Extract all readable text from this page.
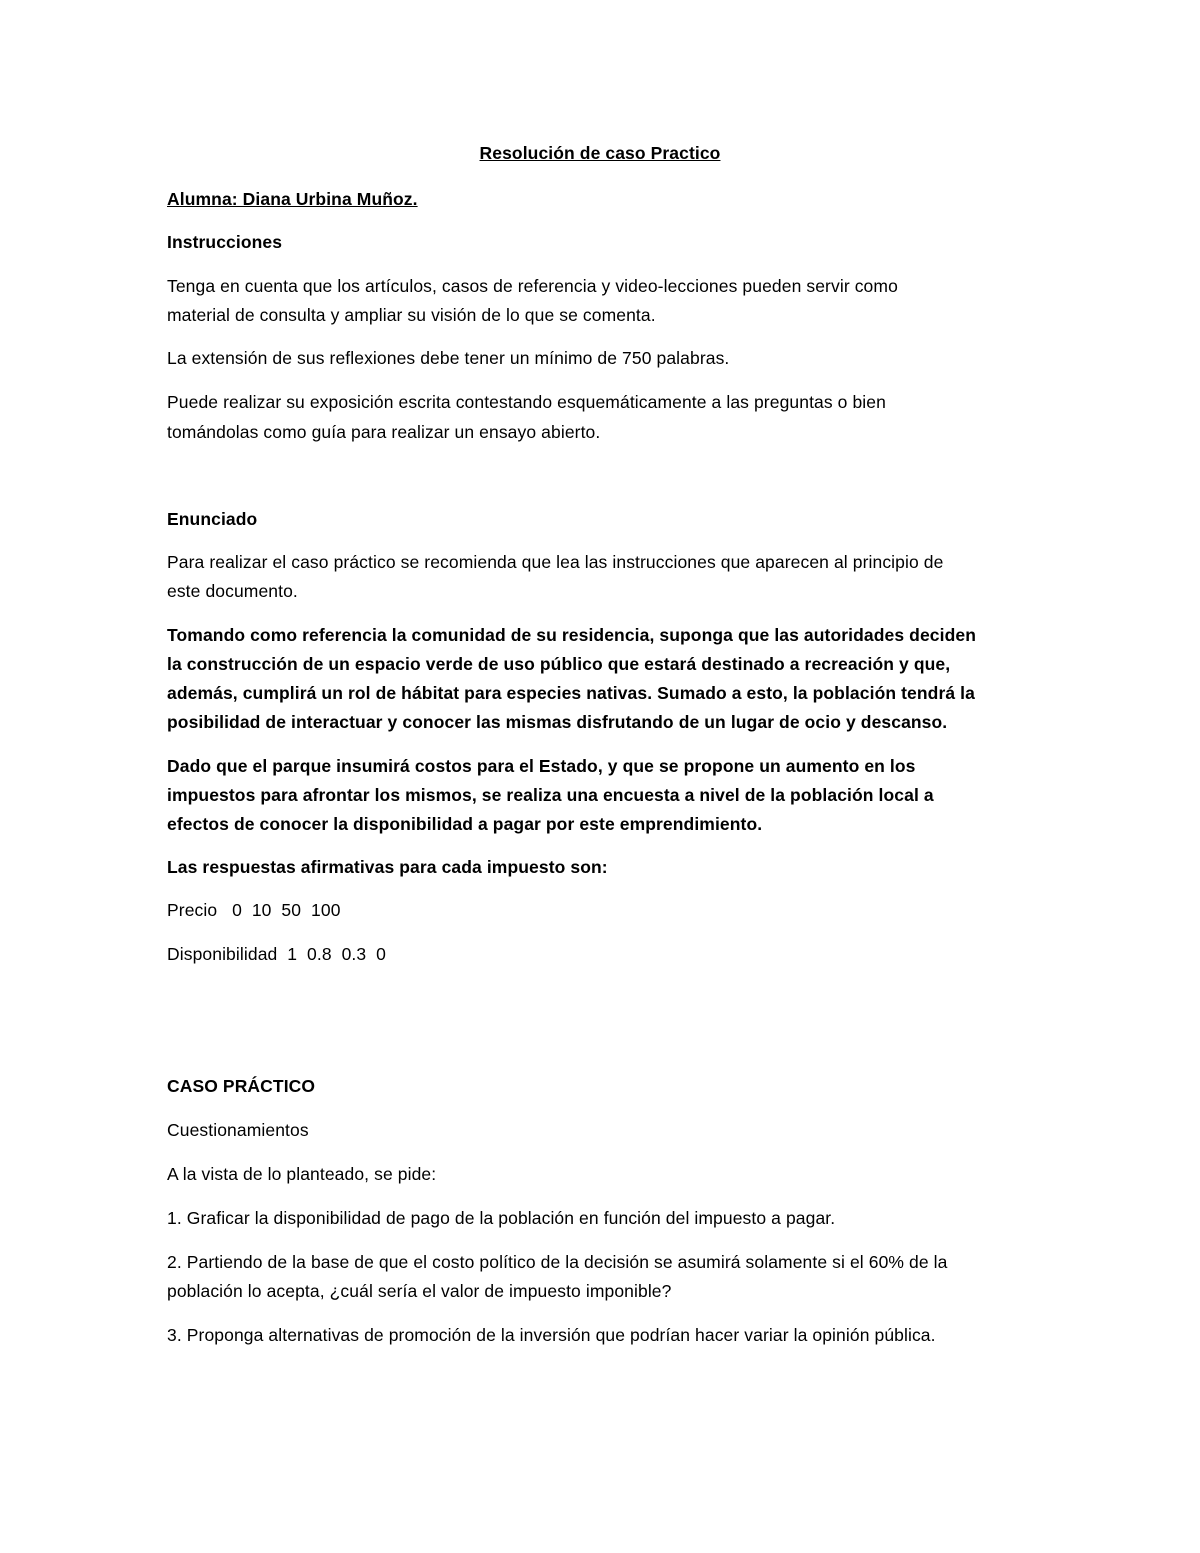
Resolución de caso Practico
Alumna: Diana Urbina Muñoz.
Instrucciones
Tenga en cuenta que los artículos, casos de referencia y video-lecciones pueden servir como
material de consulta y ampliar su visión de lo que se comenta.
La extensión de sus reflexiones debe tener un mínimo de 750 palabras.
Puede realizar su exposición escrita contestando esquemáticamente a las preguntas o bien
tomándolas como guía para realizar un ensayo abierto.
Enunciado
Para realizar el caso práctico se recomienda que lea las instrucciones que aparecen al principio de
este documento.
Tomando como referencia la comunidad de su residencia, suponga que las autoridades deciden
la construcción de un espacio verde de uso público que estará destinado a recreación y que,
además, cumplirá un rol de hábitat para especies nativas. Sumado a esto, la población tendrá la
posibilidad de interactuar y conocer las mismas disfrutando de un lugar de ocio y descanso.
Dado que el parque insumirá costos para el Estado, y que se propone un aumento en los
impuestos para afrontar los mismos, se realiza una encuesta a nivel de la población local a
efectos de conocer la disponibilidad a pagar por este emprendimiento.
Las respuestas afirmativas para cada impuesto son:
Precio   0  10  50  100
Disponibilidad  1  0.8  0.3  0
CASO PRÁCTICO
Cuestionamientos
A la vista de lo planteado, se pide:
1. Graficar la disponibilidad de pago de la población en función del impuesto a pagar.
2. Partiendo de la base de que el costo político de la decisión se asumirá solamente si el 60% de la
población lo acepta, ¿cuál sería el valor de impuesto imponible?
3. Proponga alternativas de promoción de la inversión que podrían hacer variar la opinión pública.
